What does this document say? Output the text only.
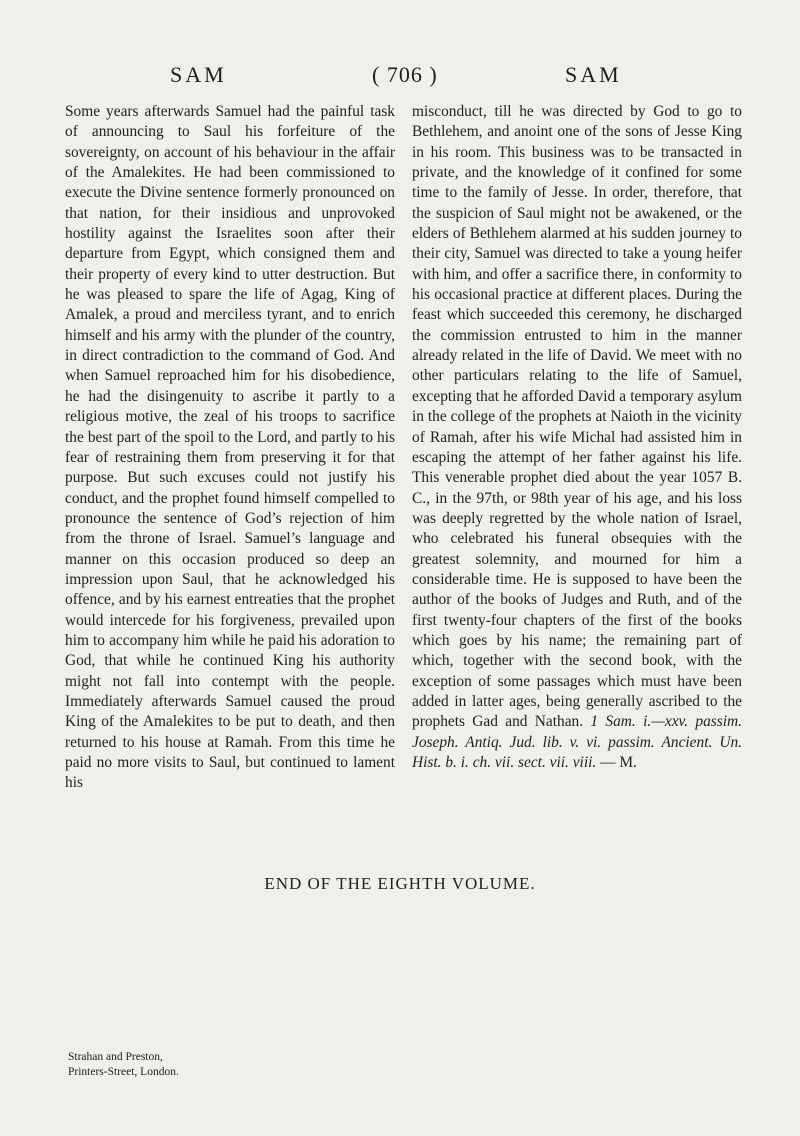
SAM	( 706 )	SAM

Some years afterwards Samuel had the painful task of announcing to Saul his forfeiture of the sovereignty, on account of his behaviour in the affair of the Amalekites. He had been commissioned to execute the Divine sentence formerly pronounced on that nation, for their insidious and unprovoked hostility against the Israelites soon after their departure from Egypt, which consigned them and their property of every kind to utter destruction. But he was pleased to spare the life of Agag, King of Amalek, a proud and merciless tyrant, and to enrich himself and his army with the plunder of the country, in direct contradiction to the command of God. And when Samuel reproached him for his disobedience, he had the disingenuity to ascribe it partly to a religious motive, the zeal of his troops to sacrifice the best part of the spoil to the Lord, and partly to his fear of restraining them from preserving it for that purpose. But such excuses could not justify his conduct, and the prophet found himself compelled to pronounce the sentence of God’s rejection of him from the throne of Israel. Samuel’s language and manner on this occasion produced so deep an impression upon Saul, that he acknowledged his offence, and by his earnest entreaties that the prophet would intercede for his forgiveness, prevailed upon him to accompany him while he paid his adoration to God, that while he continued King his authority might not fall into contempt with the people. Immediately afterwards Samuel caused the proud King of the Amalekites to be put to death, and then returned to his house at Ramah. From this time he paid no more visits to Saul, but continued to lament his

misconduct, till he was directed by God to go to Bethlehem, and anoint one of the sons of Jesse King in his room. This business was to be transacted in private, and the knowledge of it confined for some time to the family of Jesse. In order, therefore, that the suspicion of Saul might not be awakened, or the elders of Bethlehem alarmed at his sudden journey to their city, Samuel was directed to take a young heifer with him, and offer a sacrifice there, in conformity to his occasional practice at different places. During the feast which succeeded this ceremony, he discharged the commission entrusted to him in the manner already related in the life of David. We meet with no other particulars relating to the life of Samuel, excepting that he afforded David a temporary asylum in the college of the prophets at Naioth in the vicinity of Ramah, after his wife Michal had assisted him in escaping the attempt of her father against his life. This venerable prophet died about the year 1057 B. C., in the 97th, or 98th year of his age, and his loss was deeply regretted by the whole nation of Israel, who celebrated his funeral obsequies with the greatest solemnity, and mourned for him a considerable time. He is supposed to have been the author of the books of Judges and Ruth, and of the first twenty-four chapters of the first of the books which goes by his name; the remaining part of which, together with the second book, with the exception of some passages which must have been added in latter ages, being generally ascribed to the prophets Gad and Nathan. 1 Sam. i.—xxv. passim. Joseph. Antiq. Jud. lib. v. vi. passim. Ancient. Un. Hist. b. i. ch. vii. sect. vii. viii. — M.

END OF THE EIGHTH VOLUME.
Strahan and Preston,
Printers-Street, London.
